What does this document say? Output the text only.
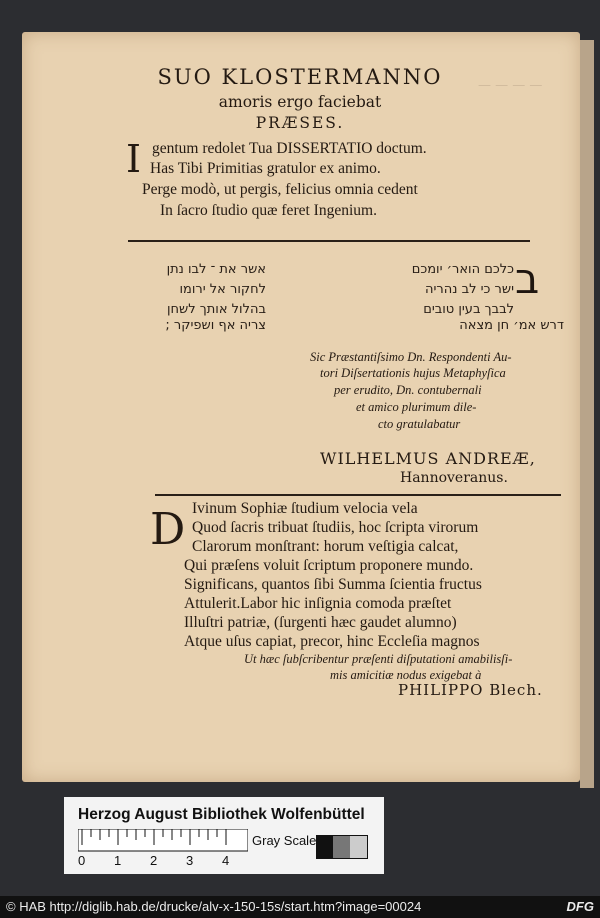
— — — —
SUO KLOSTERMANNO
amoris ergo faciebat
PRÆSES.
I gentum redolet Tua DISSERTATIO doctum.
Has Tibi Primitias gratulor ex animo.
Perge modò, ut pergis, felicius omnia cedent
In ſacro ſtudio quæ feret Ingenium.
ב
כלכם הואר׳ יומכם
ישר כי לב נהריה
לבבך בעין טובים
דרש אמ׳ חן מצאה
אשר את ־ לבו נתן
לחקור אל ירומו
בהלול אותך לשחן
צריה אף ושפיקר ;
Sic Præstantiſsimo Dn. Respondenti Au-
tori Diſsertationis hujus Metaphyſica
per erudito, Dn. contubernali
et amico plurimum dile-
cto gratulabatur
WILHELMUS ANDREÆ,
Hannoveranus.
D Ivinum Sophiæ ſtudium velocia vela
Quod ſacris tribuat ſtudiis, hoc ſcripta virorum
Clarorum monſtrant: horum veſtigia calcat,
Qui præſens voluit ſcriptum proponere mundo.
Significans, quantos ſibi Summa ſcientia fructus
Attulerit.Labor hic inſignia comoda præſtet
Illuſtri patriæ, (ſurgenti hæc gaudet alumno)
Atque uſus capiat, precor, hinc Eccleſia magnos
Ut hæc ſubſcribentur præſenti diſputationi amabilisſi-
mis amicitiæ nodus exigebat à
PHILIPPO Blech.
Herzog August Bibliothek Wolfenbüttel
Gray Scale
0 1 2 3 4
© HAB http://diglib.hab.de/drucke/alv-x-150-15s/start.htm?image=00024	DFG
